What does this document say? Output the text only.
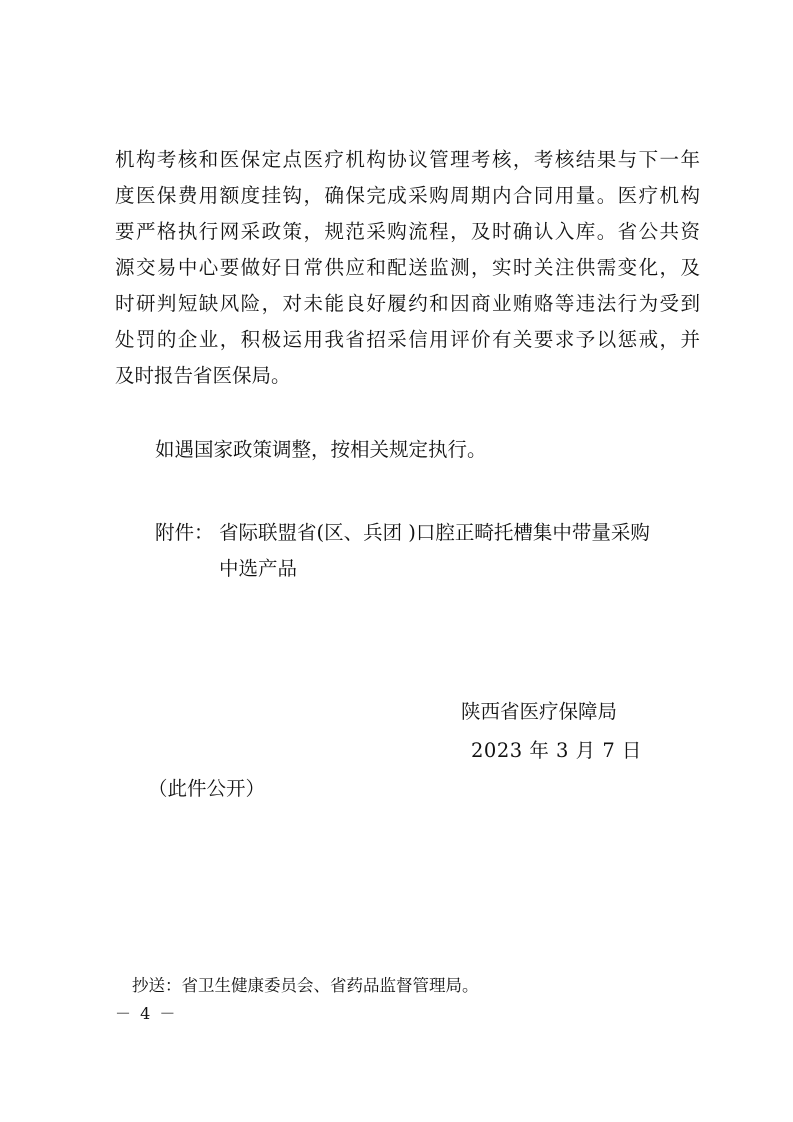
机构考核和医保定点医疗机构协议管理考核，考核结果与下一年
度医保费用额度挂钩，确保完成采购周期内合同用量。医疗机构
要严格执行网采政策，规范采购流程，及时确认入库。省公共资
源交易中心要做好日常供应和配送监测，实时关注供需变化，及
时研判短缺风险，对未能良好履约和因商业贿赂等违法行为受到
处罚的企业，积极运用我省招采信用评价有关要求予以惩戒，并
及时报告省医保局。

如遇国家政策调整，按相关规定执行。

附件： 省际联盟省(区、兵团 )口腔正畸托槽集中带量采购
中选产品
陕西省医疗保障局
2023 年 3 月 7 日
（此件公开）
抄送：省卫生健康委员会、省药品监督管理局。
－ 4 －
